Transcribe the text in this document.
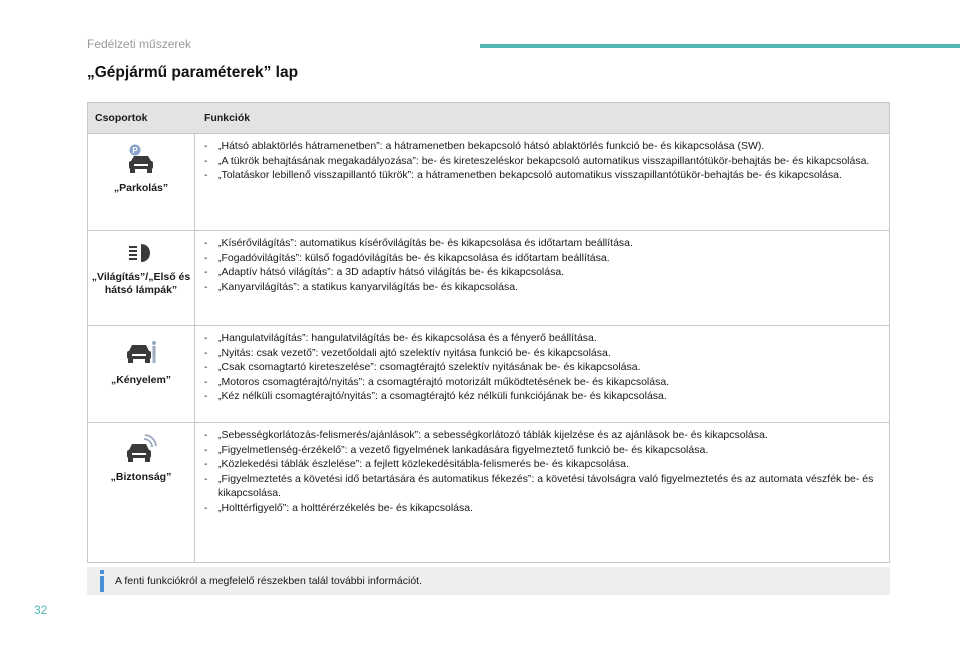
Fedélzeti műszerek
„Gépjármű paraméterek” lap
Csoportok	Funkciók
P
„Parkolás”
- „Hátsó ablaktörlés hátramenetben”: a hátramenetben bekapcsoló hátsó ablaktörlés funkció be- és kikapcsolása (SW).
- „A tükrök behajtásának megakadályozása”: be- és kireteszeléskor bekapcsoló automatikus visszapillantótükör-behajtás be- és kikapcsolása.
- „Tolatáskor lebillenő visszapillantó tükrök”: a hátramenetben bekapcsoló automatikus visszapillantótükör-behajtás be- és kikapcsolása.
„Világítás”/„Első és hátsó lámpák”
- „Kísérővilágítás”: automatikus kísérővilágítás be- és kikapcsolása és időtartam beállítása.
- „Fogadóvilágítás”: külső fogadóvilágítás be- és kikapcsolása és időtartam beállítása.
- „Adaptív hátsó világítás”: a 3D adaptív hátsó világítás be- és kikapcsolása.
- „Kanyarvilágítás”: a statikus kanyarvilágítás be- és kikapcsolása.
„Kényelem”
- „Hangulatvilágítás”: hangulatvilágítás be- és kikapcsolása és a fényerő beállítása.
- „Nyitás: csak vezető”: vezetőoldali ajtó szelektív nyitása funkció be- és kikapcsolása.
- „Csak csomagtartó kireteszelése”: csomagtérajtó szelektív nyitásának be- és kikapcsolása.
- „Motoros csomagtérajtó/nyitás”: a csomagtérajtó motorizált működtetésének be- és kikapcsolása.
- „Kéz nélküli csomagtérajtó/nyitás”: a csomagtérajtó kéz nélküli funkciójának be- és kikapcsolása.
„Biztonság”
- „Sebességkorlátozás-felismerés/ajánlások”: a sebességkorlátozó táblák kijelzése és az ajánlások be- és kikapcsolása.
- „Figyelmetlenség-érzékelő”: a vezető figyelmének lankadására figyelmeztető funkció be- és kikapcsolása.
- „Közlekedési táblák észlelése”: a fejlett közlekedésitábla-felismerés be- és kikapcsolása.
- „Figyelmeztetés a követési idő betartására és automatikus fékezés”: a követési távolságra való figyelmeztetés és az automata vészfék be- és kikapcsolása.
- „Holttérfigyelő”: a holttérérzékelés be- és kikapcsolása.
A fenti funkciókról a megfelelő részekben talál további információt.
32
